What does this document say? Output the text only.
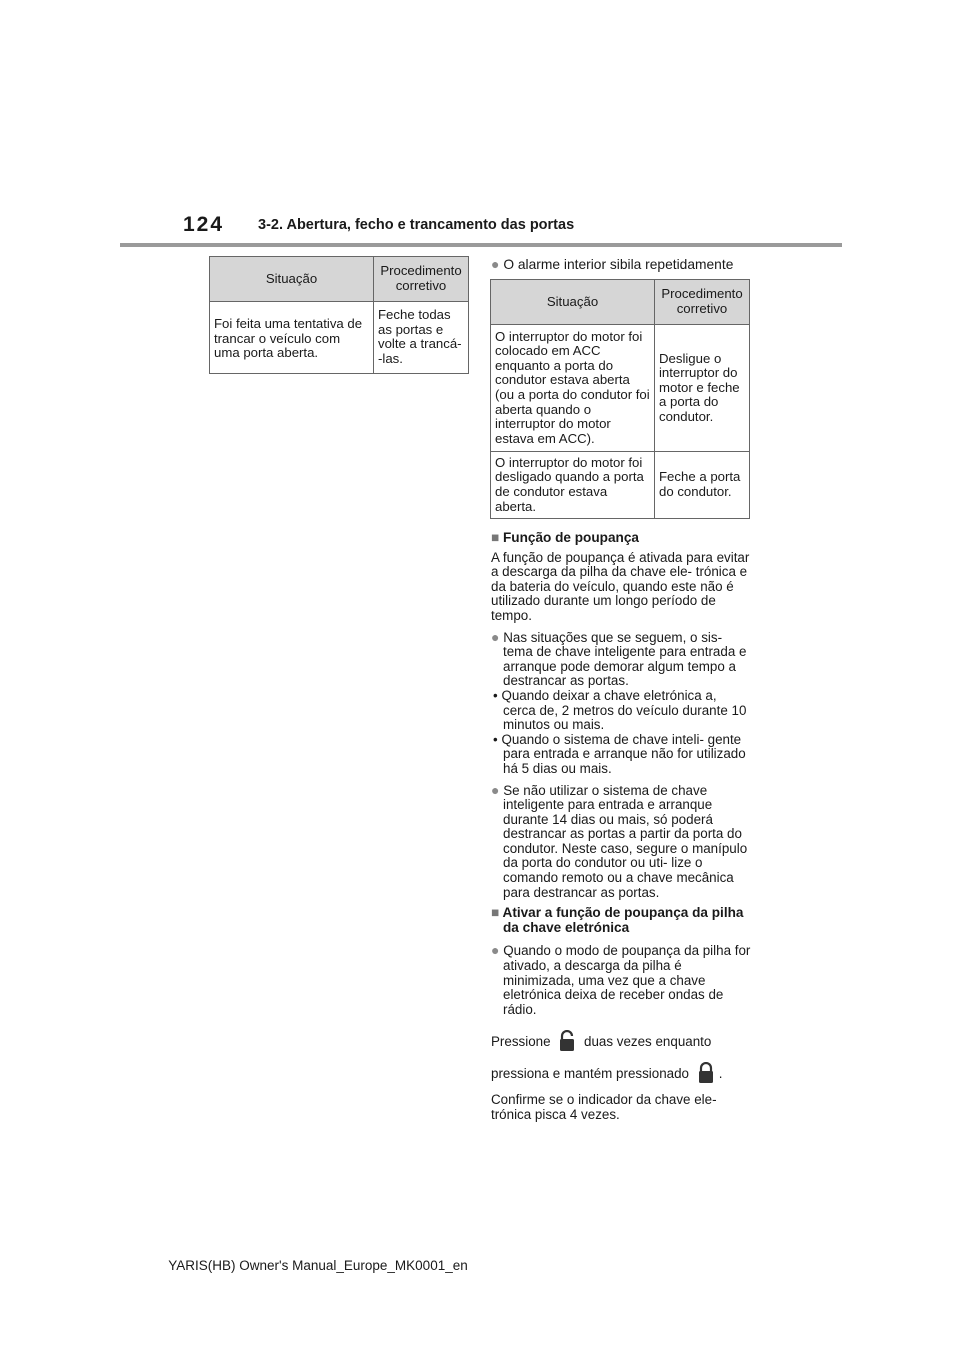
124 3-2. Abertura, fecho e trancamento das portas
Situação	Procedimento corretivo
Foi feita uma tentativa de trancar o veículo com uma porta aberta.	Feche todas as portas e volte a trancá- -las.
● O alarme interior sibila repetidamente
Situação	Procedimento corretivo
O interruptor do motor foi colocado em ACC enquanto a porta do condutor estava aberta (ou a porta do condutor foi aberta quando o interruptor do motor estava em ACC).	Desligue o interruptor do motor e feche a porta do condutor.
O interruptor do motor foi desligado quando a porta de condutor estava aberta.	Feche a porta do condutor.

■ Função de poupança

A função de poupança é ativada para evitar a descarga da pilha da chave ele- trónica e da bateria do veículo, quando este não é utilizado durante um longo período de tempo.

● Nas situações que se seguem, o sis- tema de chave inteligente para entrada e arranque pode demorar algum tempo a destrancar as portas.

• Quando deixar a chave eletrónica a, cerca de, 2 metros do veículo durante 10 minutos ou mais.

• Quando o sistema de chave inteli- gente para entrada e arranque não for utilizado há 5 dias ou mais.

● Se não utilizar o sistema de chave inteligente para entrada e arranque durante 14 dias ou mais, só poderá destrancar as portas a partir da porta do condutor. Neste caso, segure o manípulo da porta do condutor ou uti- lize o comando remoto ou a chave mecânica para destrancar as portas.

■ Ativar a função de poupança da pilha da chave eletrónica

● Quando o modo de poupança da pilha for ativado, a descarga da pilha é minimizada, uma vez que a chave eletrónica deixa de receber ondas de rádio.

Pressione duas vezes enquanto
pressiona e mantém pressionado .

Confirme se o indicador da chave ele- trónica pisca 4 vezes.

YARIS(HB) Owner's Manual_Europe_MK0001_en
